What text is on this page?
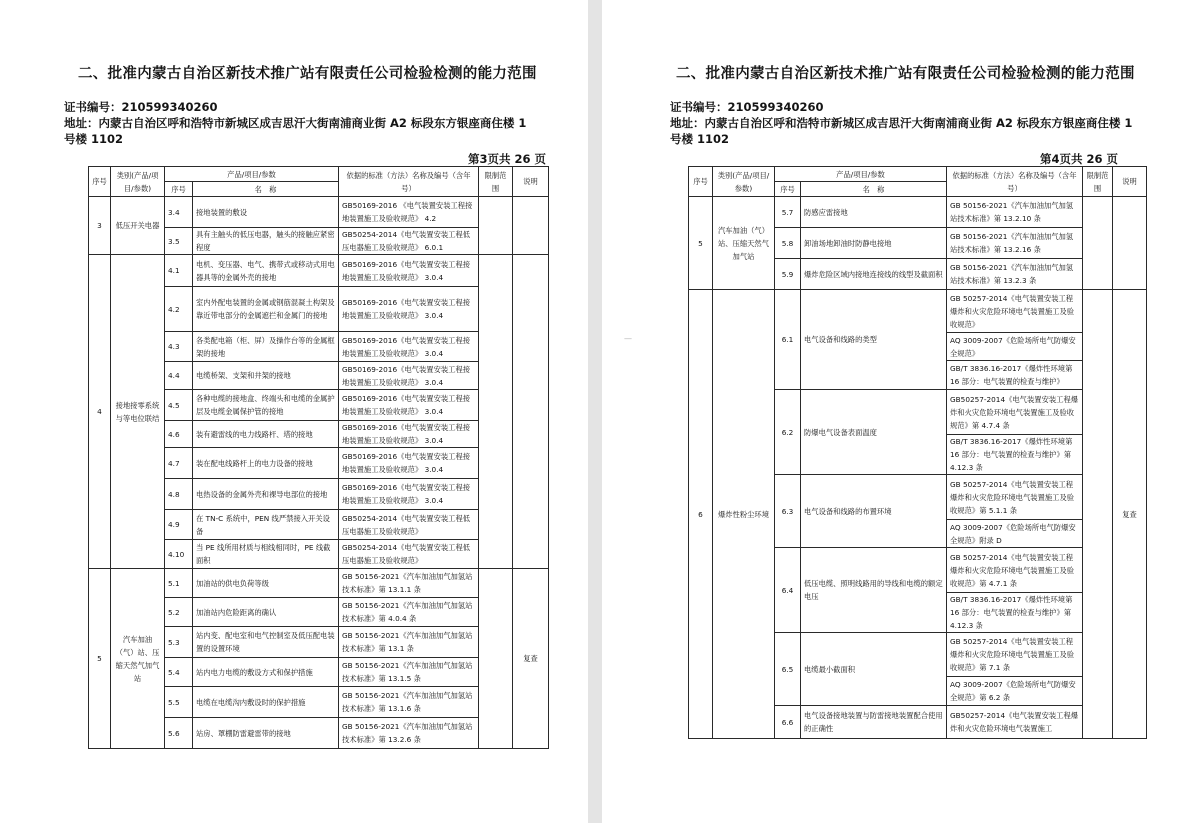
二、批准内蒙古自治区新技术推广站有限责任公司检验检测的能力范围
证书编号：210599340260
地址：内蒙古自治区呼和浩特市新城区成吉思汗大街南浦商业街 A2 标段东方银座商住楼 1 号楼 1102
第3页共 26 页
序号	类别(产品/项目/参数)	产品/项目/参数		依据的标准（方法）名称及编号（含年号）	限制范围	说明
		序号	名　称			
3	低压开关电器	3.4	接地装置的敷设	GB50169-2016 《电气装置安装工程接地装置施工及验收规范》 4.2		
		3.5	具有主触头的低压电器，触头的接触应紧密程度	GB50254-2014《电气装置安装工程低压电器施工及验收规范》 6.0.1		
4	接地接零系统与等电位联结	4.1	电机、变压器、电气、携带式或移动式用电器具等的金属外壳的接地	GB50169-2016《电气装置安装工程接地装置施工及验收规范》 3.0.4		
		4.2	室内外配电装置的金属或钢筋混凝土构架及靠近带电部分的金属遮拦和金属门的接地	GB50169-2016《电气装置安装工程接地装置施工及验收规范》 3.0.4		
		4.3	各类配电箱（柜、屏）及操作台等的金属框架的接地	GB50169-2016《电气装置安装工程接地装置施工及验收规范》 3.0.4		
		4.4	电缆桥架、支架和井架的接地	GB50169-2016《电气装置安装工程接地装置施工及验收规范》 3.0.4		
		4.5	各种电缆的接地盒、终端头和电缆的金属护层及电缆金属保护管的接地	GB50169-2016《电气装置安装工程接地装置施工及验收规范》 3.0.4		
		4.6	装有避雷线的电力线路杆、塔的接地	GB50169-2016《电气装置安装工程接地装置施工及验收规范》 3.0.4		
		4.7	装在配电线路杆上的电力设备的接地	GB50169-2016《电气装置安装工程接地装置施工及验收规范》 3.0.4		
		4.8	电热设备的金属外壳和裸导电部位的接地	GB50169-2016《电气装置安装工程接地装置施工及验收规范》 3.0.4		
		4.9	在 TN-C 系统中，PEN 线严禁接入开关设备	GB50254-2014《电气装置安装工程低压电器施工及验收规范》		
		4.10	当 PE 线所用材质与相线相同时，PE 线截面积	GB50254-2014《电气装置安装工程低压电器施工及验收规范》		
5	汽车加油（气）站、压缩天然气加气站	5.1	加油站的供电负荷等级	GB 50156-2021《汽车加油加气加氢站技术标准》第 13.1.1 条		复查
		5.2	加油站内危险距离的确认	GB 50156-2021《汽车加油加气加氢站技术标准》第 4.0.4 条		
		5.3	站内变、配电室和电气控制室及低压配电装置的设置环境	GB 50156-2021《汽车加油加气加氢站技术标准》第 13.1 条		
		5.4	站内电力电缆的敷设方式和保护措施	GB 50156-2021《汽车加油加气加氢站技术标准》第 13.1.5 条		
		5.5	电缆在电缆沟内敷设时的保护措施	GB 50156-2021《汽车加油加气加氢站技术标准》第 13.1.6 条		
		5.6	站房、罩棚防雷避雷带的接地	GB 50156-2021《汽车加油加气加氢站技术标准》第 13.2.6 条		
—
二、批准内蒙古自治区新技术推广站有限责任公司检验检测的能力范围
证书编号：210599340260
地址：内蒙古自治区呼和浩特市新城区成吉思汗大街南浦商业街 A2 标段东方银座商住楼 1 号楼 1102
第4页共 26 页
序号	类别(产品/项目/参数)	产品/项目/参数		依据的标准（方法）名称及编号（含年号）	限制范围	说明
		序号	名　称			
5	汽车加油（气）站、压缩天然气加气站	5.7	防感应雷接地	GB 50156-2021《汽车加油加气加氢站技术标准》第 13.2.10 条		
		5.8	卸油场地卸油时防静电接地	GB 50156-2021《汽车加油加气加氢站技术标准》第 13.2.16 条		
		5.9	爆炸危险区域内接地连接线的线型及截面积	GB 50156-2021《汽车加油加气加氢站技术标准》第 13.2.3 条		
6	爆炸性粉尘环境	6.1	电气设备和线路的类型	GB 50257-2014《电气装置安装工程爆炸和火灾危险环境电气装置施工及验收规范》		复查
				AQ 3009-2007《危险场所电气防爆安全规范》		
				GB/T 3836.16-2017《爆炸性环境第 16 部分：电气装置的检查与维护》		
		6.2	防爆电气设备表面温度	GB50257-2014《电气装置安装工程爆炸和火灾危险环境电气装置施工及验收规范》第 4.7.4 条		
				GB/T 3836.16-2017《爆炸性环境第 16 部分：电气装置的检查与维护》第 4.12.3 条		
		6.3	电气设备和线路的布置环境	GB 50257-2014《电气装置安装工程爆炸和火灾危险环境电气装置施工及验收规范》第 5.1.1 条		
				AQ 3009-2007《危险场所电气防爆安全规范》附录 D		
		6.4	低压电缆、照明线路用的导线和电缆的额定电压	GB 50257-2014《电气装置安装工程爆炸和火灾危险环境电气装置施工及验收规范》第 4.7.1 条		
				GB/T 3836.16-2017《爆炸性环境第 16 部分：电气装置的检查与维护》第 4.12.3 条		
		6.5	电缆最小截面积	GB 50257-2014《电气装置安装工程爆炸和火灾危险环境电气装置施工及验收规范》第 7.1 条		
				AQ 3009-2007《危险场所电气防爆安全规范》第 6.2 条		
		6.6	电气设备接地装置与防雷接地装置配合使用的正确性	GB50257-2014《电气装置安装工程爆炸和火灾危险环境电气装置施工		
